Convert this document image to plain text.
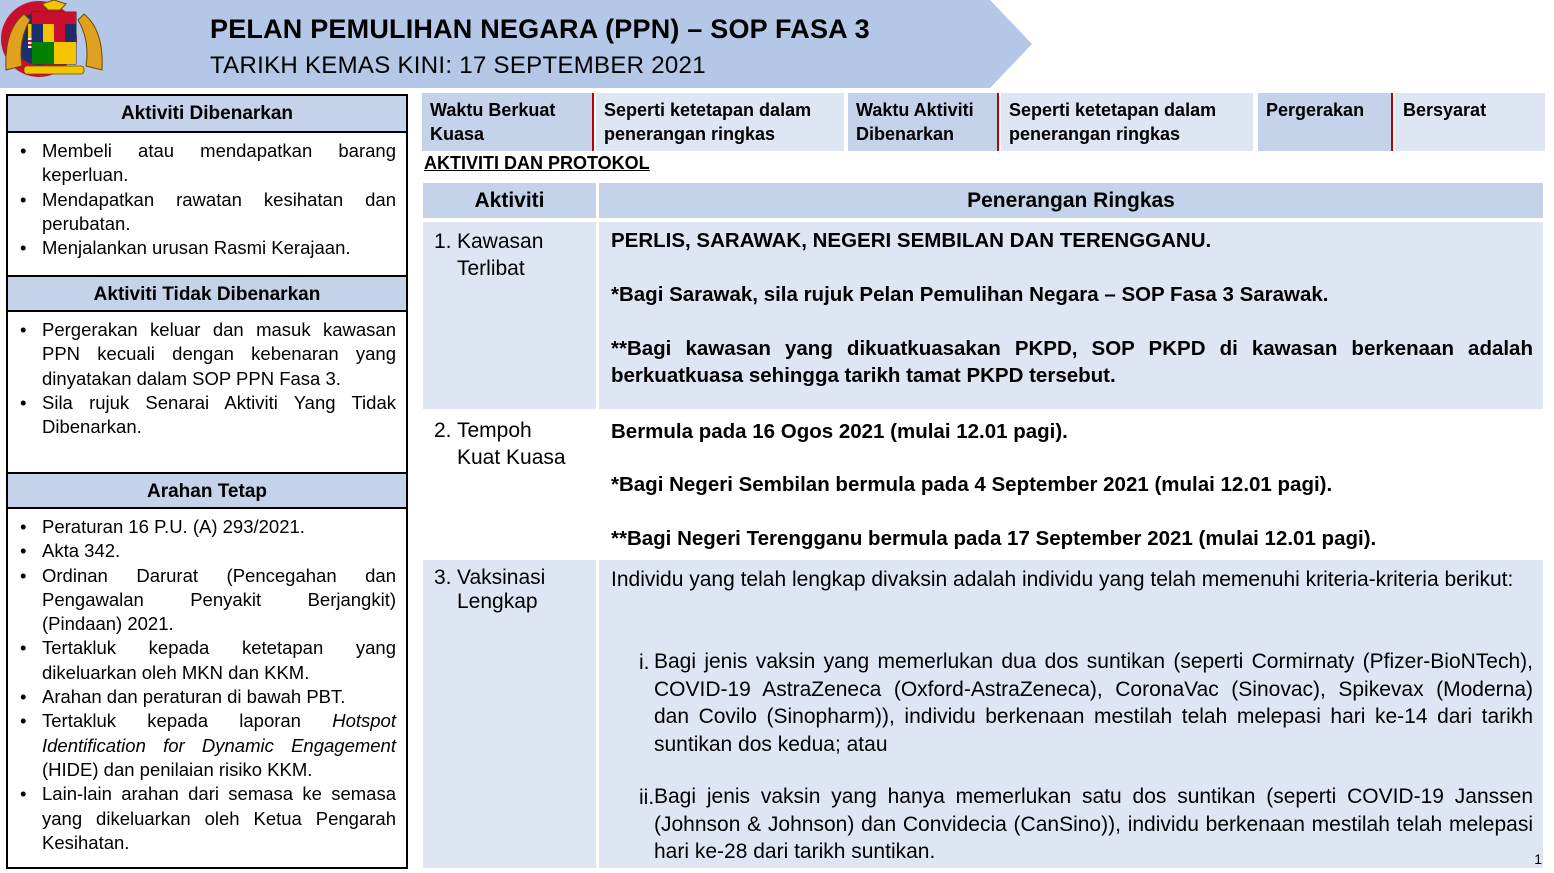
PELAN PEMULIHAN NEGARA (PPN) – SOP FASA 3
TARIKH KEMAS KINI: 17 SEPTEMBER 2021
Aktiviti Dibenarkan
• Membeli atau mendapatkan barang keperluan.
• Mendapatkan rawatan kesihatan dan perubatan.
• Menjalankan urusan Rasmi Kerajaan.
Aktiviti Tidak Dibenarkan
• Pergerakan keluar dan masuk kawasan PPN kecuali dengan kebenaran yang dinyatakan dalam SOP PPN Fasa 3.
• Sila rujuk Senarai Aktiviti Yang Tidak Dibenarkan.
Arahan Tetap
• Peraturan 16 P.U. (A) 293/2021.
• Akta 342.
• Ordinan Darurat (Pencegahan dan Pengawalan Penyakit Berjangkit) (Pindaan) 2021.
• Tertakluk kepada ketetapan yang dikeluarkan oleh MKN dan KKM.
• Arahan dan peraturan di bawah PBT.
• Tertakluk kepada laporan Hotspot Identification for Dynamic Engagement (HIDE) dan penilaian risiko KKM.
• Lain-lain arahan dari semasa ke semasa yang dikeluarkan oleh Ketua Pengarah Kesihatan.
Waktu Berkuat Kuasa
Seperti ketetapan dalam penerangan ringkas
Waktu Aktiviti Dibenarkan
Seperti ketetapan dalam penerangan ringkas
Pergerakan	Bersyarat
AKTIVITI DAN PROTOKOL
Aktiviti	Penerangan Ringkas
1. Kawasan
Terlibat
PERLIS, SARAWAK, NEGERI SEMBILAN DAN TERENGGANU.
*Bagi Sarawak, sila rujuk Pelan Pemulihan Negara – SOP Fasa 3 Sarawak.
**Bagi kawasan yang dikuatkuasakan PKPD, SOP PKPD di kawasan berkenaan adalah berkuatkuasa sehingga tarikh tamat PKPD tersebut.
2. Tempoh
Kuat Kuasa
Bermula pada 16 Ogos 2021 (mulai 12.01 pagi).
*Bagi Negeri Sembilan bermula pada 4 September 2021 (mulai 12.01 pagi).
**Bagi Negeri Terengganu bermula pada 17 September 2021 (mulai 12.01 pagi).
3. Vaksinasi
Lengkap
Individu yang telah lengkap divaksin adalah individu yang telah memenuhi kriteria-kriteria berikut:
i. Bagi jenis vaksin yang memerlukan dua dos suntikan (seperti Cormirnaty (Pfizer-BioNTech), COVID-19 AstraZeneca (Oxford-AstraZeneca), CoronaVac (Sinovac), Spikevax (Moderna) dan Covilo (Sinopharm)), individu berkenaan mestilah telah melepasi hari ke-14 dari tarikh suntikan dos kedua; atau
ii. Bagi jenis vaksin yang hanya memerlukan satu dos suntikan (seperti COVID-19 Janssen (Johnson & Johnson) dan Convidecia (CanSino)), individu berkenaan mestilah telah melepasi hari ke-28 dari tarikh suntikan.	1
